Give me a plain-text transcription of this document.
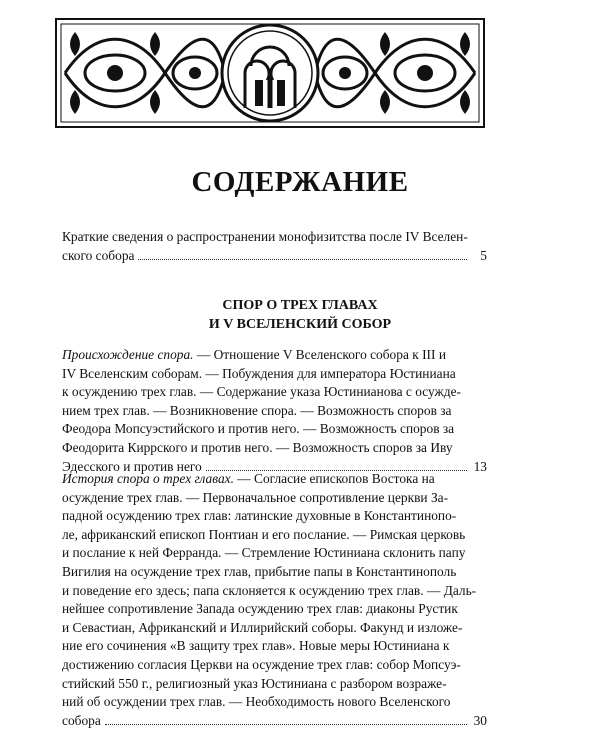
СОДЕРЖАНИЕ
Краткие сведения о распространении монофизитства после IV Вселен-
ского собора	5
СПОР О ТРЕХ ГЛАВАХ
И V ВСЕЛЕНСКИЙ СОБОР
Происхождение спора. — Отношение V Вселенского собора к III и
IV Вселенским соборам. — Побуждения для императора Юстиниана
к осуждению трех глав. — Содержание указа Юстинианова с осужде-
нием трех глав. — Возникновение спора. — Возможность споров за
Феодора Мопсуэстийского и против него. — Возможность споров за
Феодорита Киррского и против него. — Возможность споров за Иву
Эдесского и против него	13
История спора о трех главах. — Согласие епископов Востока на
осуждение трех глав. — Первоначальное сопротивление церкви За-
падной осуждению трех глав: латинские духовные в Константинопо-
ле, африканский епископ Понтиан и его послание. — Римская церковь
и послание к ней Ферранда. — Стремление Юстиниана склонить папу
Вигилия на осуждение трех глав, прибытие папы в Константинополь
и поведение его здесь; папа склоняется к осуждению трех глав. — Даль-
нейшее сопротивление Запада осуждению трех глав: диаконы Рустик
и Севастиан, Африканский и Иллирийский соборы. Факунд и изложе-
ние его сочинения «В защиту трех глав». Новые меры Юстиниана к
достижению согласия Церкви на осуждение трех глав: собор Мопсуэ-
стийский 550 г., религиозный указ Юстиниана с разбором возраже-
ний об осуждении трех глав. — Необходимость нового Вселенского
собора	30
